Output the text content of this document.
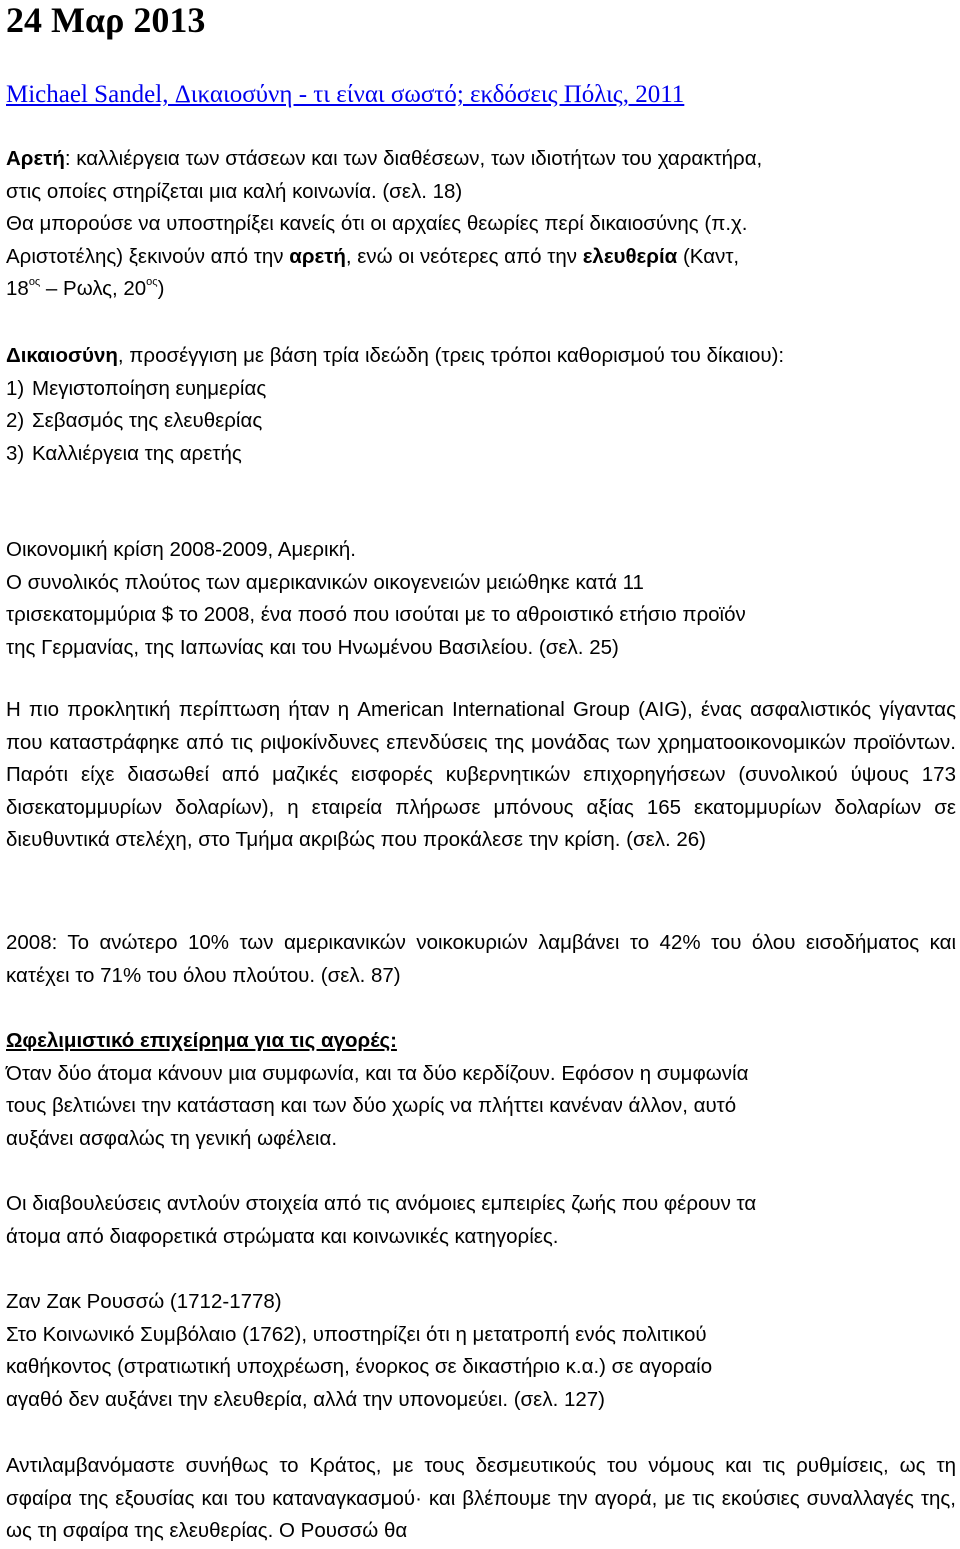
24 Μαρ 2013
Michael Sandel, Δικαιοσύνη - τι είναι σωστό; εκδόσεις Πόλις, 2011
Αρετή: καλλιέργεια των στάσεων και των διαθέσεων, των ιδιοτήτων του χαρακτήρα,
στις οποίες στηρίζεται μια καλή κοινωνία. (σελ. 18)
Θα μπορούσε να υποστηρίξει κανείς ότι οι αρχαίες θεωρίες περί δικαιοσύνης (π.χ.
Αριστοτέλης) ξεκινούν από την αρετή, ενώ οι νεότερες από την ελευθερία (Καντ,
$18^{o\varsigma}$ – Ρωλς, $20^{o\varsigma}$)

Δικαιοσύνη, προσέγγιση με βάση τρία ιδεώδη (τρεις τρόποι καθορισμού του δίκαιου):

1) Μεγιστοποίηση ευημερίας
2) Σεβασμός της ελευθερίας
3) Καλλιέργεια της αρετής
Οικονομική κρίση 2008-2009, Αμερική.
Ο συνολικός πλούτος των αμερικανικών οικογενειών μειώθηκε κατά 11
τρισεκατομμύρια $ το 2008, ένα ποσό που ισούται με το αθροιστικό ετήσιο προϊόν
της Γερμανίας, της Ιαπωνίας και του Ηνωμένου Βασιλείου. (σελ. 25)

Η πιο προκλητική περίπτωση ήταν η American International Group (AIG), ένας ασφαλιστικός γίγαντας που καταστράφηκε από τις ριψοκίνδυνες επενδύσεις της μονάδας των χρηματοοικονομικών προϊόντων. Παρότι είχε διασωθεί από μαζικές εισφορές κυβερνητικών επιχορηγήσεων (συνολικού ύψους 173 δισεκατομμυρίων δολαρίων), η εταιρεία πλήρωσε μπόνους αξίας 165 εκατομμυρίων δολαρίων σε διευθυντικά στελέχη, στο Τμήμα ακριβώς που προκάλεσε την κρίση. (σελ. 26)

2008: Το ανώτερο 10% των αμερικανικών νοικοκυριών λαμβάνει το 42% του όλου εισοδήματος και κατέχει το 71% του όλου πλούτου. (σελ. 87)

Ωφελιμιστικό επιχείρημα για τις αγορές:
Όταν δύο άτομα κάνουν μια συμφωνία, και τα δύο κερδίζουν. Εφόσον η συμφωνία
τους βελτιώνει την κατάσταση και των δύο χωρίς να πλήττει κανέναν άλλον, αυτό
αυξάνει ασφαλώς τη γενική ωφέλεια.
Οι διαβουλεύσεις αντλούν στοιχεία από τις ανόμοιες εμπειρίες ζωής που φέρουν τα
άτομα από διαφορετικά στρώματα και κοινωνικές κατηγορίες.
Ζαν Ζακ Ρουσσώ (1712-1778)
Στο Κοινωνικό Συμβόλαιο (1762), υποστηρίζει ότι η μετατροπή ενός πολιτικού
καθήκοντος (στρατιωτική υποχρέωση, ένορκος σε δικαστήριο κ.α.) σε αγοραίο
αγαθό δεν αυξάνει την ελευθερία, αλλά την υπονομεύει. (σελ. 127)

Αντιλαμβανόμαστε συνήθως το Κράτος, με τους δεσμευτικούς του νόμους και τις ρυθμίσεις, ως τη σφαίρα της εξουσίας και του καταναγκασμού· και βλέπουμε την αγορά, με τις εκούσιες συναλλαγές της, ως τη σφαίρα της ελευθερίας. Ο Ρουσσώ θα
